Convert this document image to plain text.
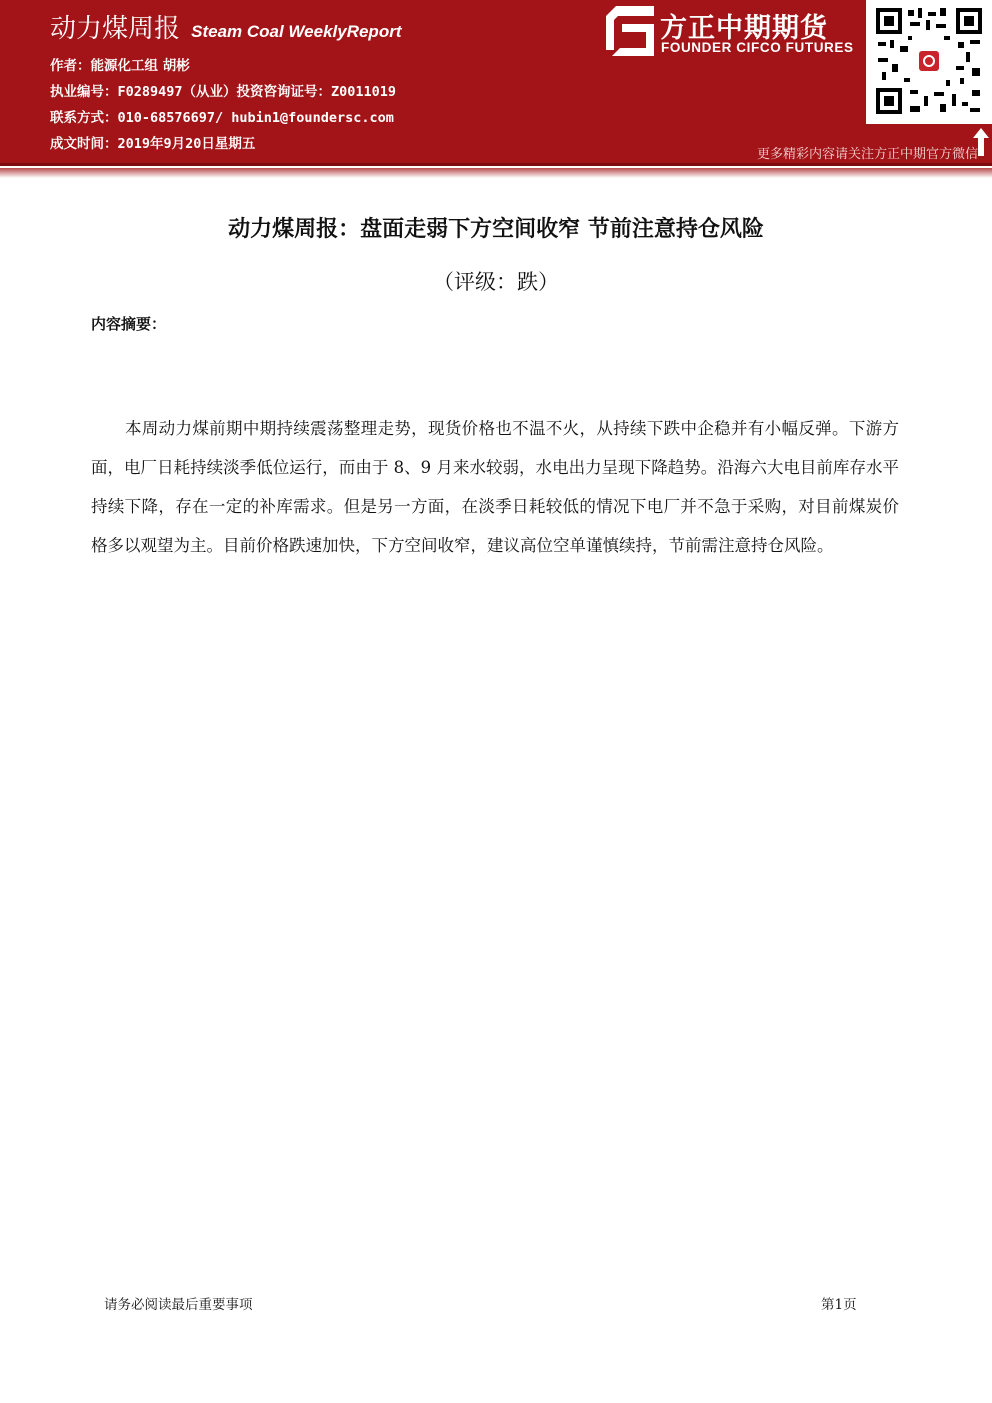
动力煤周报 Steam Coal WeeklyReport
作者：能源化工组 胡彬
执业编号：F0289497（从业）投资咨询证号：Z0011019
联系方式：010-68576697/ hubin1@foundersc.com
成文时间：2019年9月20日星期五
方正中期期货
FOUNDER CIFCO FUTURES
更多精彩内容请关注方正中期官方微信
动力煤周报：盘面走弱下方空间收窄 节前注意持仓风险
（评级：跌）
内容摘要：
本周动力煤前期中期持续震荡整理走势，现货价格也不温不火，从持续下跌中企稳并有小幅反弹。下游方面，电厂日耗持续淡季低位运行，而由于 8、9 月来水较弱，水电出力呈现下降趋势。沿海六大电目前库存水平持续下降，存在一定的补库需求。但是另一方面，在淡季日耗较低的情况下电厂并不急于采购，对目前煤炭价格多以观望为主。目前价格跌速加快，下方空间收窄，建议高位空单谨慎续持，节前需注意持仓风险。
请务必阅读最后重要事项	第1页
